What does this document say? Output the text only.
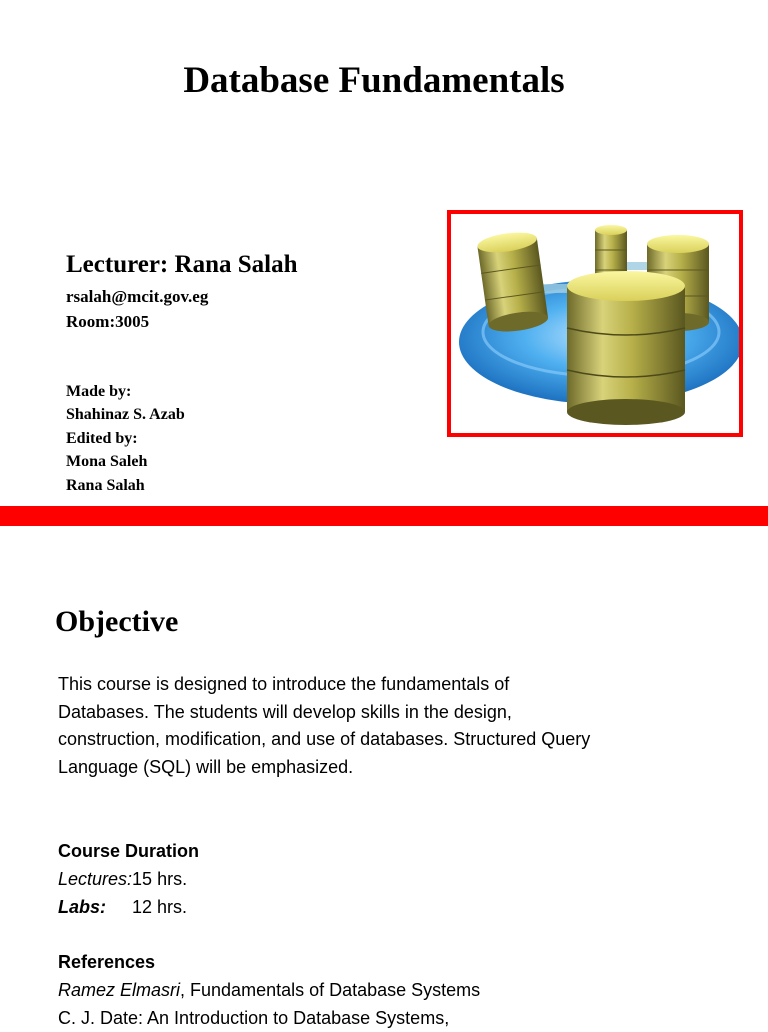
Database Fundamentals
Lecturer: Rana Salah
rsalah@mcit.gov.eg
Room:3005
Made by:
Shahinaz S. Azab
Edited by:
Mona Saleh
Rana Salah
Objective
This course is designed to introduce the fundamentals of
Databases. The students will develop skills in the design,
construction, modification, and use of databases. Structured Query
Language (SQL) will be emphasized.
Course Duration
Lectures:15 hrs.
Labs: 12 hrs.
References
Ramez Elmasri, Fundamentals of Database Systems
C. J. Date: An Introduction to Database Systems,
